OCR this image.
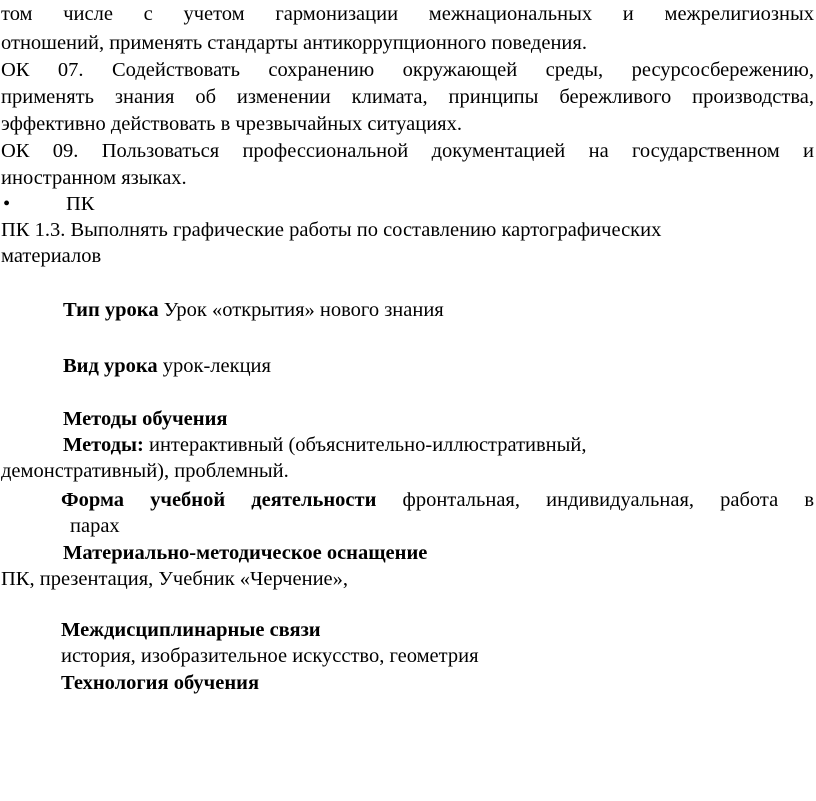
том числе с учетом гармонизации межнациональных и межрелигиозных
отношений, применять стандарты антикоррупционного поведения.
ОК 07. Содействовать сохранению окружающей среды, ресурсосбережению,
применять знания об изменении климата, принципы бережливого производства,
эффективно действовать в чрезвычайных ситуациях.
ОК 09. Пользоваться профессиональной документацией на государственном и
иностранном языках.
•	ПК
ПК 1.3. Выполнять графические работы по составлению картографических
материалов
Тип урока Урок «открытия» нового знания
Вид урока урок-лекция
Методы обучения
Методы: интерактивный (объяснительно-иллюстративный,
демонстративный), проблемный.
Форма учебной деятельности фронтальная, индивидуальная, работа в
парах
Материально-методическое оснащение
ПК, презентация, Учебник «Черчение»,
Междисциплинарные связи
история, изобразительное искусство, геометрия
Технология обучения
